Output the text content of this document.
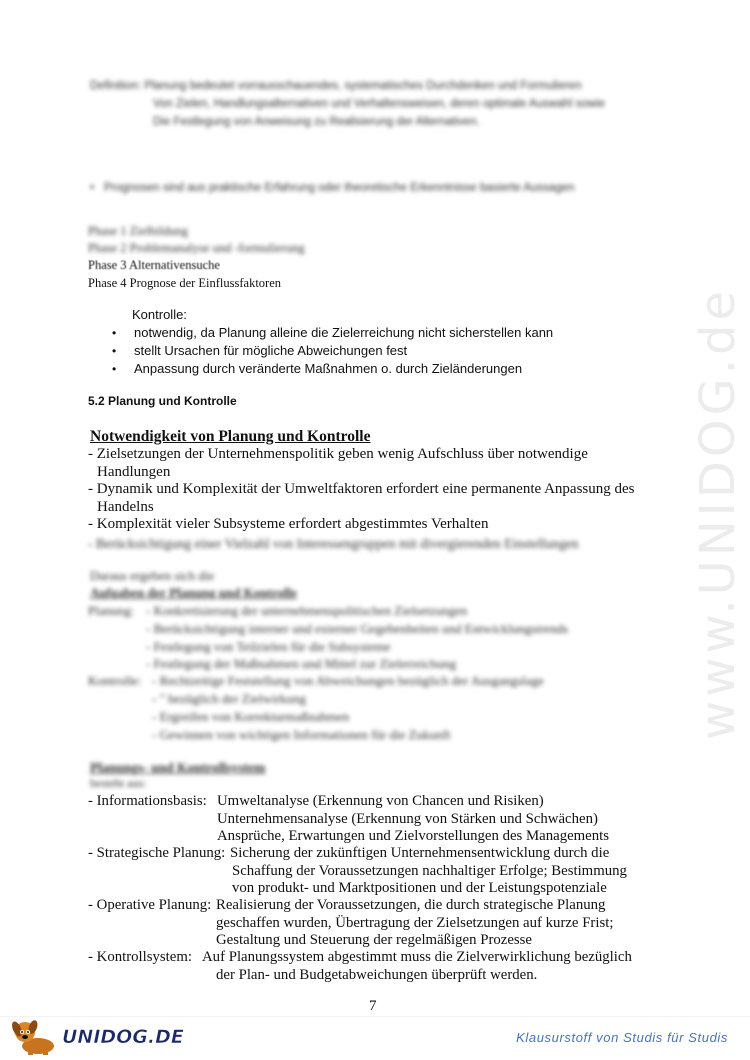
www.UNIDOG.de
Definition: Planung bedeutet vorrausschauendes, systematisches Durchdenken und Formulieren
Von Zielen, Handlungsalternativen und Verhaltensweisen, deren optimale Auswahl sowie
Die Festlegung von Anweisung zu Realisierung der Alternativen.
• Prognosen sind aus praktische Erfahrung oder theoretische Erkenntnisse basierte Aussagen
Phase 1 Zielbildung
Phase 2 Problemanalyse und -formulierung
Phase 3 Alternativensuche
Phase 4 Prognose der Einflussfaktoren
Kontrolle:
•	notwendig, da Planung alleine die Zielerreichung nicht sicherstellen kann
•	stellt Ursachen für mögliche Abweichungen fest
•	Anpassung durch veränderte Maßnahmen o. durch Zieländerungen
5.2 Planung und Kontrolle
Notwendigkeit von Planung und Kontrolle
- Zielsetzungen der Unternehmenspolitik geben wenig Aufschluss über notwendige
Handlungen
- Dynamik und Komplexität der Umweltfaktoren erfordert eine permanente Anpassung des
Handelns
- Komplexität vieler Subsysteme erfordert abgestimmtes Verhalten
- Berücksichtigung einer Vielzahl von Interessengruppen mit divergierenden Einstellungen
Daraus ergeben sich die
Aufgaben der Planung und Kontrolle
Planung: - Konkretisierung der unternehmenspolitischen Zielsetzungen
- Berücksichtigung interner und externer Gegebenheiten und Entwicklungstrends
- Festlegung von Teilzielen für die Subsysteme
- Festlegung der Maßnahmen und Mittel zur Zielerreichung
Kontrolle: - Rechtzeitige Feststellung von Abweichungen bezüglich der Ausgangslage
- " bezüglich der Zielwirkung
- Ergreifen von Korrekturmaßnahmen
- Gewinnen von wichtigen Informationen für die Zukunft
Planungs- und Kontrollsystem
besteht aus:
- Informationsbasis: Umweltanalyse (Erkennung von Chancen und Risiken)
Unternehmensanalyse (Erkennung von Stärken und Schwächen)
Ansprüche, Erwartungen und Zielvorstellungen des Managements
- Strategische Planung: Sicherung der zukünftigen Unternehmensentwicklung durch die
Schaffung der Voraussetzungen nachhaltiger Erfolge; Bestimmung
von produkt- und Marktpositionen und der Leistungspotenziale
- Operative Planung: Realisierung der Voraussetzungen, die durch strategische Planung
geschaffen wurden, Übertragung der Zielsetzungen auf kurze Frist;
Gestaltung und Steuerung der regelmäßigen Prozesse
- Kontrollsystem: Auf Planungssystem abgestimmt muss die Zielverwirklichung bezüglich
der Plan- und Budgetabweichungen überprüft werden.
7
UNIDOG.DE	Klausurstoff von Studis für Studis
